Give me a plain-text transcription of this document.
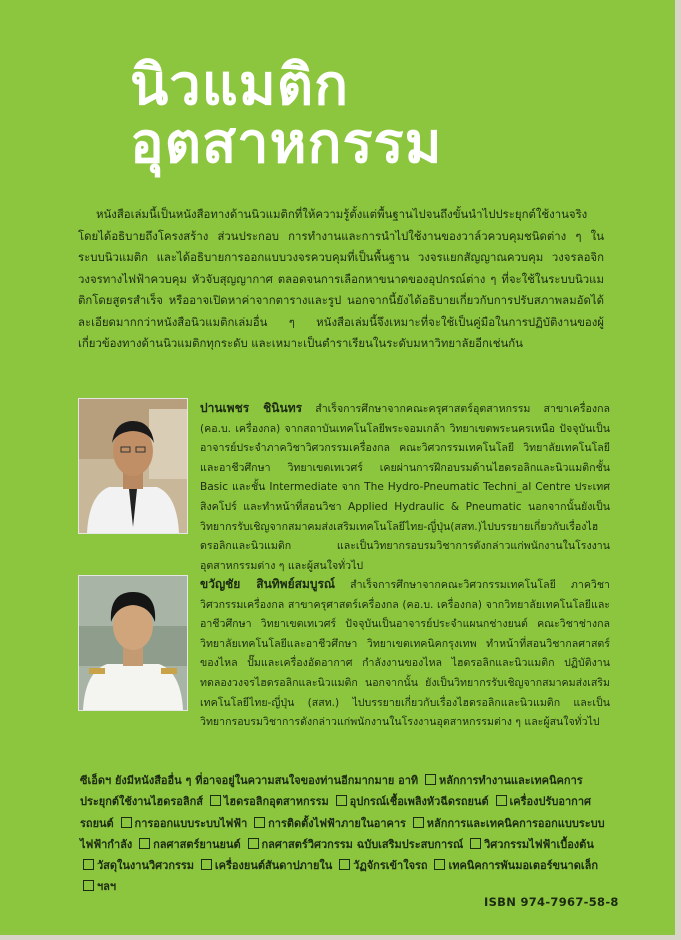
นิวแมติก
อุตสาหกรรม

หนังสือเล่มนี้เป็นหนังสือทางด้านนิวแมติกที่ให้ความรู้ตั้งแต่พื้นฐานไปจนถึงขั้นนำไปประยุกต์ใช้งานจริง โดยได้อธิบายถึงโครงสร้าง ส่วนประกอบ การทำงานและการนำไปใช้งานของวาล์วควบคุมชนิดต่าง ๆ ในระบบนิวแมติก และได้อธิบายการออกแบบวงจรควบคุมที่เป็นพื้นฐาน วงจรแยกสัญญาณควบคุม วงจรลอจิก วงจรทางไฟฟ้าควบคุม หัวจับสุญญากาศ ตลอดจนการเลือกหาขนาดของอุปกรณ์ต่าง ๆ ที่จะใช้ในระบบนิวแมติกโดยสูตรสำเร็จ หรืออาจเปิดหาค่าจากตารางและรูป นอกจากนี้ยังได้อธิบายเกี่ยวกับการปรับสภาพลมอัดได้ละเอียดมากกว่าหนังสือนิวแมติกเล่มอื่น ๆ หนังสือเล่มนี้จึงเหมาะที่จะใช้เป็นคู่มือในการปฏิบัติงานของผู้เกี่ยวข้องทางด้านนิวแมติกทุกระดับ และเหมาะเป็นตำราเรียนในระดับมหาวิทยาลัยอีกเช่นกัน

ปานเพชร ชินินทร สำเร็จการศึกษาจากคณะครุศาสตร์อุตสาหกรรม สาขาเครื่องกล (คอ.บ. เครื่องกล) จากสถาบันเทคโนโลยีพระจอมเกล้า วิทยาเขตพระนครเหนือ ปัจจุบันเป็นอาจารย์ประจำภาควิชาวิศวกรรมเครื่องกล คณะวิศวกรรมเทคโนโลยี วิทยาลัยเทคโนโลยีและอาชีวศึกษา วิทยาเขตเทเวศร์ เคยผ่านการฝึกอบรมด้านไฮดรอลิกและนิวแมติกชั้น Basic และชั้น Intermediate จาก The Hydro-Pneumatic Techni_al Centre ประเทศสิงคโปร์ และทำหน้าที่สอนวิชา Applied Hydraulic & Pneumatic นอกจากนั้นยังเป็นวิทยากรรับเชิญจากสมาคมส่งเสริมเทคโนโลยีไทย-ญี่ปุ่น(สสท.)ไปบรรยายเกี่ยวกับเรื่องไฮดรอลิกและนิวแมติก และเป็นวิทยากรอบรมวิชาการดังกล่าวแก่พนักงานในโรงงานอุตสาหกรรมต่าง ๆ และผู้สนใจทั่วไป

ขวัญชัย สินทิพย์สมบูรณ์ สำเร็จการศึกษาจากคณะวิศวกรรมเทคโนโลยี ภาควิชาวิศวกรรมเครื่องกล สาขาครุศาสตร์เครื่องกล (คอ.บ. เครื่องกล) จากวิทยาลัยเทคโนโลยีและอาชีวศึกษา วิทยาเขตเทเวศร์ ปัจจุบันเป็นอาจารย์ประจำแผนกช่างยนต์ คณะวิชาช่างกล วิทยาลัยเทคโนโลยีและอาชีวศึกษา วิทยาเขตเทคนิคกรุงเทพ ทำหน้าที่สอนวิชากลศาสตร์ของไหล ปั๊มและเครื่องอัดอากาศ กำลังงานของไหล ไฮดรอลิกและนิวแมติก ปฏิบัติงานทดลองวงจรไฮดรอลิกและนิวแมติก นอกจากนั้น ยังเป็นวิทยากรรับเชิญจากสมาคมส่งเสริมเทคโนโลยีไทย-ญี่ปุ่น (สสท.) ไปบรรยายเกี่ยวกับเรื่องไฮดรอลิกและนิวแมติก และเป็นวิทยากรอบรมวิชาการดังกล่าวแก่พนักงานในโรงงานอุตสาหกรรมต่าง ๆ และผู้สนใจทั่วไป

ซีเอ็ดฯ ยังมีหนังสืออื่น ๆ ที่อาจอยู่ในความสนใจของท่านอีกมากมาย อาทิ หลักการทำงานและเทคนิคการประยุกต์ใช้งานไฮดรอลิกส์ ไฮดรอลิกอุตสาหกรรม อุปกรณ์เชื้อเพลิงหัวฉีดรถยนต์ เครื่องปรับอากาศรถยนต์ การออกแบบระบบไฟฟ้า การติดตั้งไฟฟ้าภายในอาคาร หลักการและเทคนิคการออกแบบระบบไฟฟ้ากำลัง กลศาสตร์ยานยนต์ กลศาสตร์วิศวกรรม ฉบับเสริมประสบการณ์ วิศวกรรมไฟฟ้าเบื้องต้น วัสดุในงานวิศวกรรม เครื่องยนต์สันดาปภายใน วัฏจักรเข้าใจรถ เทคนิคการพันมอเตอร์ขนาดเล็ก ฯลฯ

ISBN 974-7967-58-8
